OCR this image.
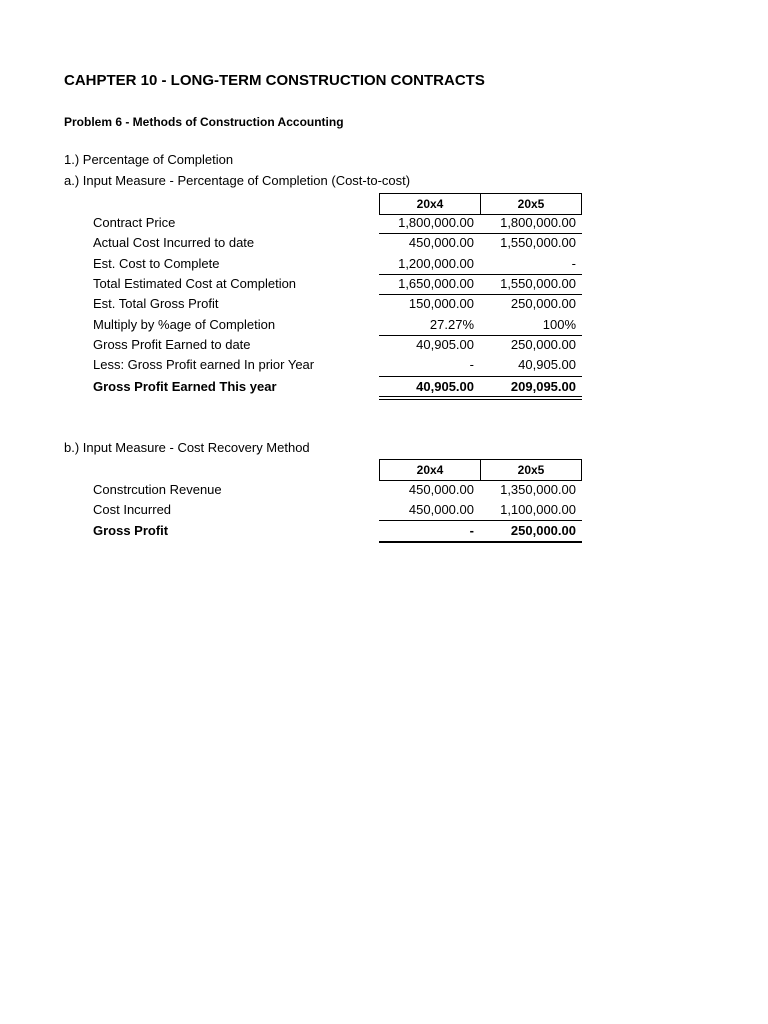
CAHPTER 10 - LONG-TERM CONSTRUCTION CONTRACTS
Problem 6 - Methods of Construction Accounting
1.) Percentage of Completion
a.) Input Measure - Percentage of Completion (Cost-to-cost)
20x4	20x5
Contract Price	1,800,000.00	1,800,000.00
Actual Cost Incurred to date	450,000.00	1,550,000.00
Est. Cost to Complete	1,200,000.00	-
Total Estimated Cost at Completion	1,650,000.00	1,550,000.00
Est. Total Gross Profit	150,000.00	250,000.00
Multiply by %age of Completion	27.27%	100%
Gross Profit Earned to date	40,905.00	250,000.00
Less: Gross Profit earned In prior Year	-	40,905.00
Gross Profit Earned This year	40,905.00	209,095.00
b.) Input Measure - Cost Recovery Method
20x4	20x5
Constrcution Revenue	450,000.00	1,350,000.00
Cost Incurred	450,000.00	1,100,000.00
Gross Profit	-	250,000.00
